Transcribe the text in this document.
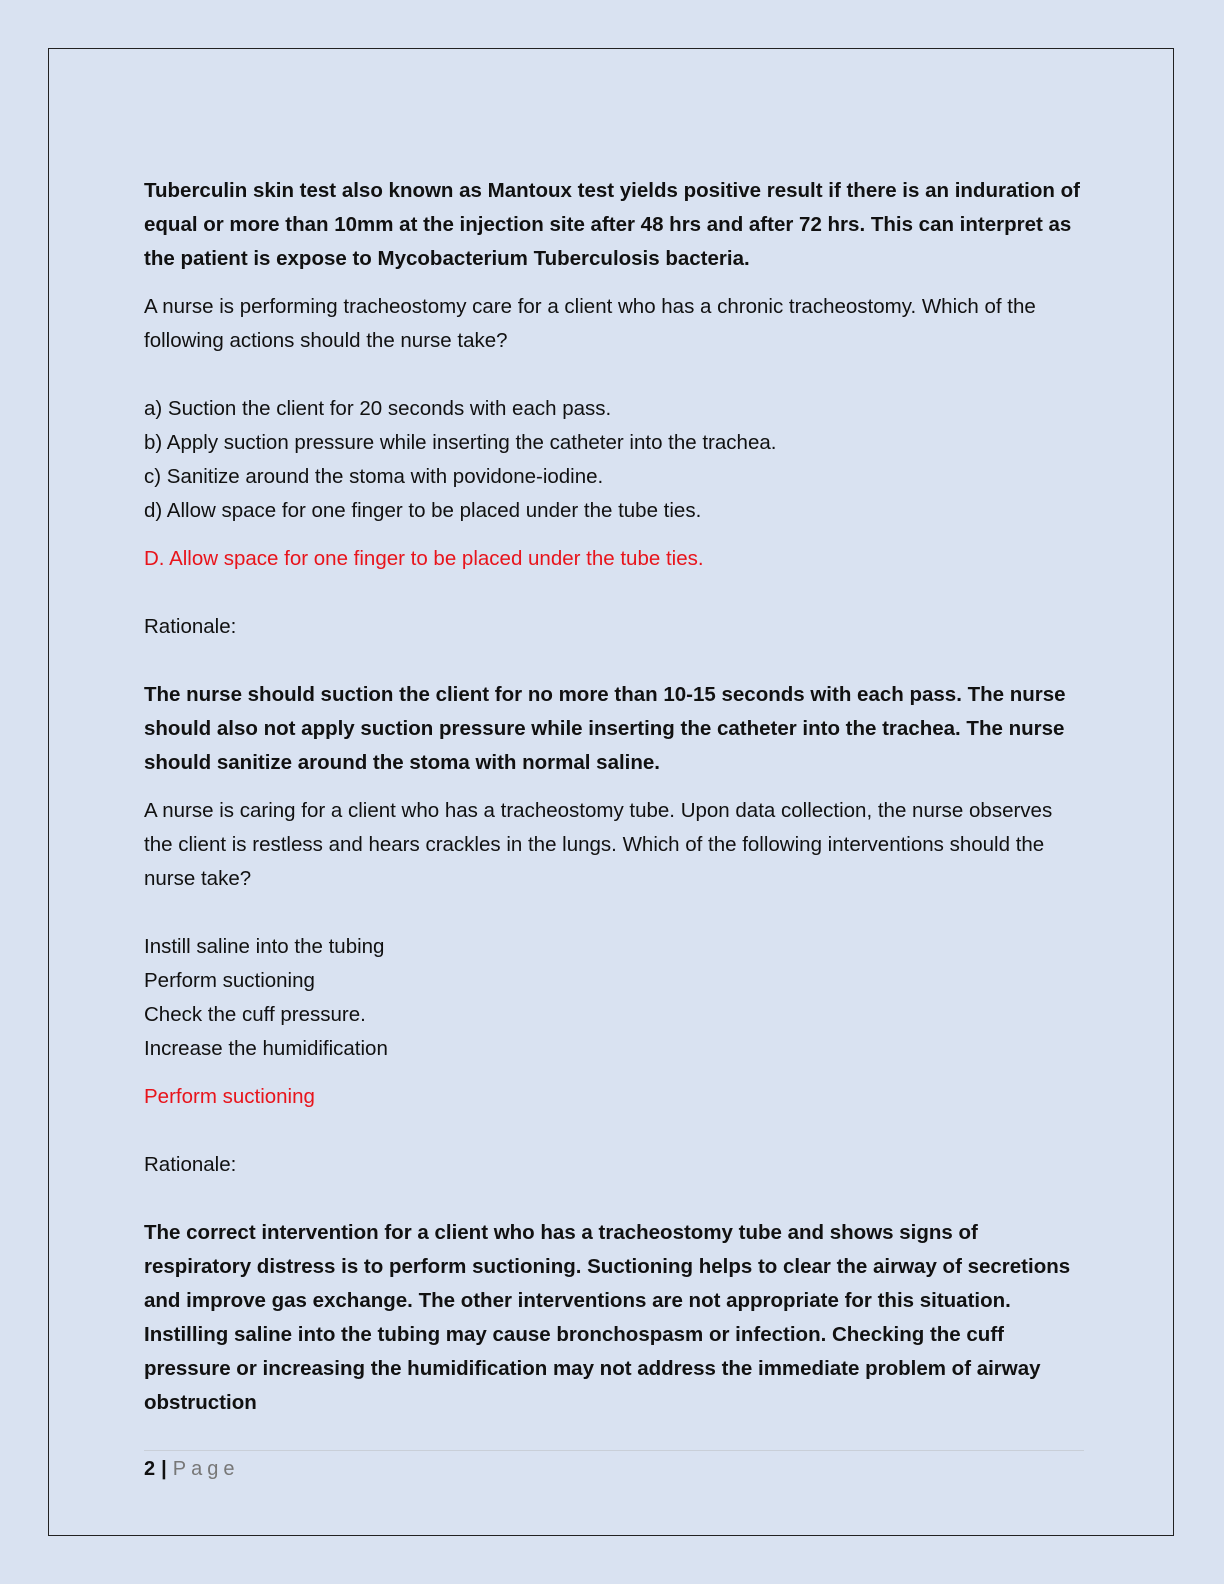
Tuberculin skin test also known as Mantoux test yields positive result if there is an induration of equal or more than 10mm at the injection site after 48 hrs and after 72 hrs. This can interpret as the patient is expose to Mycobacterium Tuberculosis bacteria.

A nurse is performing tracheostomy care for a client who has a chronic tracheostomy. Which of the following actions should the nurse take?

a) Suction the client for 20 seconds with each pass.

b) Apply suction pressure while inserting the catheter into the trachea.

c) Sanitize around the stoma with povidone-iodine.

d) Allow space for one finger to be placed under the tube ties.

D. Allow space for one finger to be placed under the tube ties.

Rationale:

The nurse should suction the client for no more than 10-15 seconds with each pass. The nurse should also not apply suction pressure while inserting the catheter into the trachea. The nurse should sanitize around the stoma with normal saline.

A nurse is caring for a client who has a tracheostomy tube. Upon data collection, the nurse observes the client is restless and hears crackles in the lungs. Which of the following interventions should the nurse take?

Instill saline into the tubing

Perform suctioning

Check the cuff pressure.

Increase the humidification

Perform suctioning

Rationale:

The correct intervention for a client who has a tracheostomy tube and shows signs of respiratory distress is to perform suctioning. Suctioning helps to clear the airway of secretions and improve gas exchange. The other interventions are not appropriate for this situation. Instilling saline into the tubing may cause bronchospasm or infection. Checking the cuff pressure or increasing the humidification may not address the immediate problem of airway obstruction

2 | Page
